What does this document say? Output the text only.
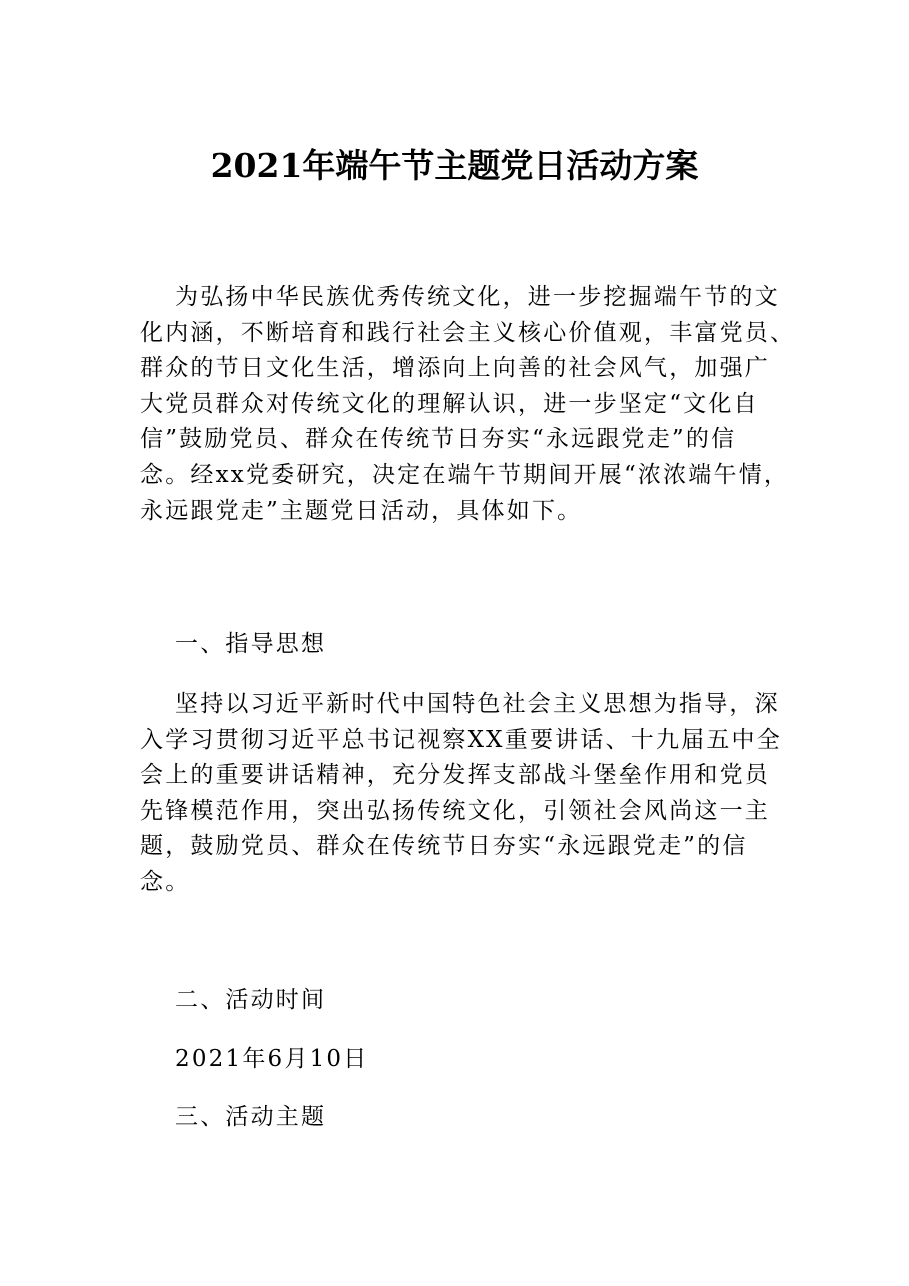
2021年端午节主题党日活动方案
为弘扬中华民族优秀传统文化，进一步挖掘端午节的文
化内涵，不断培育和践行社会主义核心价值观，丰富党员、
群众的节日文化生活，增添向上向善的社会风气，加强广
大党员群众对传统文化的理解认识，进一步坚定“文化自
信”鼓励党员、群众在传统节日夯实“永远跟党走”的信
念。经xx党委研究，决定在端午节期间开展“浓浓端午情，
永远跟党走”主题党日活动，具体如下。
一、指导思想
坚持以习近平新时代中国特色社会主义思想为指导，深
入学习贯彻习近平总书记视察XX重要讲话、十九届五中全
会上的重要讲话精神，充分发挥支部战斗堡垒作用和党员
先锋模范作用，突出弘扬传统文化，引领社会风尚这一主
题，鼓励党员、群众在传统节日夯实“永远跟党走”的信
念。
二、活动时间
2021年6月10日
三、活动主题
